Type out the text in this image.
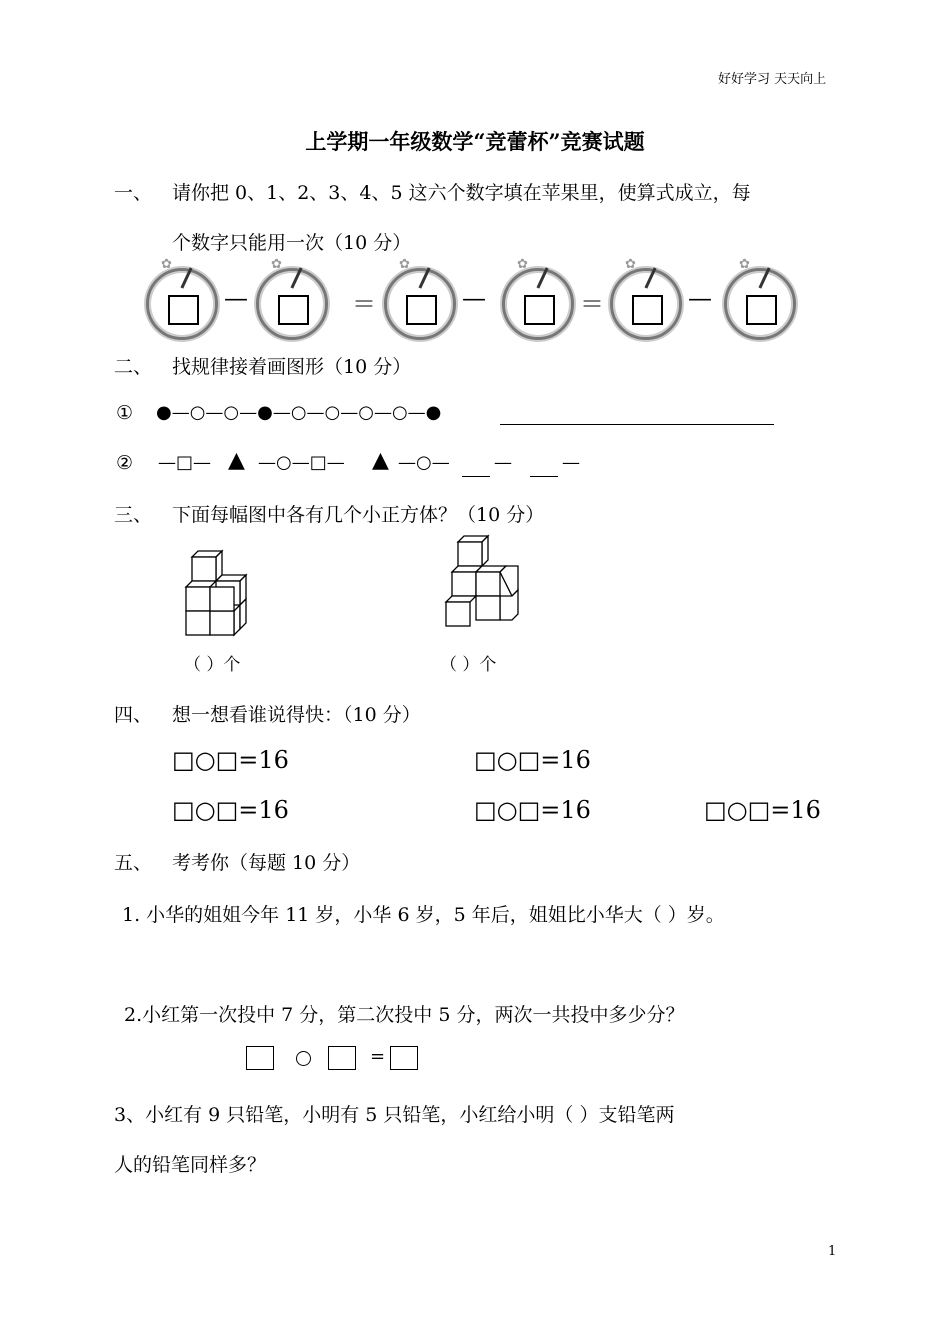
好好学习 天天向上
上学期一年级数学“竞蕾杯”竞赛试题
一、 请你把 0、1、2、3、4、5 这六个数字填在苹果里，使算式成立，每
个数字只能用一次（10 分）
✿
—
✿
＝
✿
—
✿
＝
✿
—
✿
二、 找规律接着画图形（10 分）
① ●—○—○—●—○—○—○—○—●
② —□— ▲ —○—□— ▲ —○— —	—
三、 下面每幅图中各有几个小正方体？（10 分）
（ ）个	（ ）个
四、 想一想看谁说得快：（10 分）
□○□=16	□○□=16
□○□=16	□○□=16	□○□=16
五、 考考你（每题 10 分）
1. 小华的姐姐今年 11 岁，小华 6 岁，5 年后，姐姐比小华大（ ）岁。
2.小红第一次投中 7 分，第二次投中 5 分，两次一共投中多少分？
=
3、小红有 9 只铅笔，小明有 5 只铅笔，小红给小明（ ）支铅笔两
人的铅笔同样多？
1
